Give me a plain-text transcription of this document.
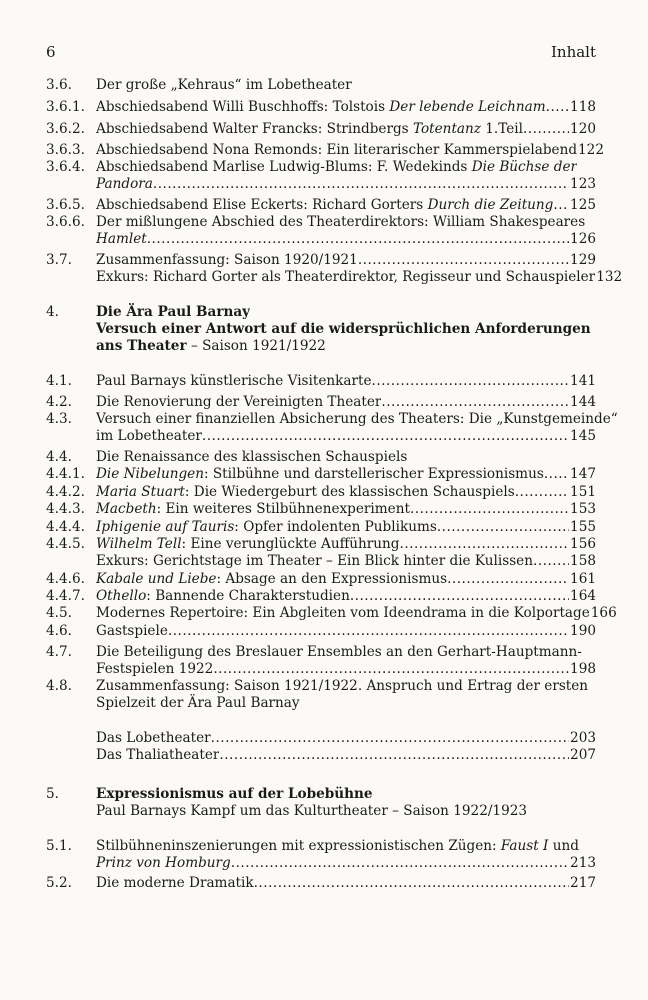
6	Inhalt
3.6.	Der große „Kehraus“ im Lobetheater
3.6.1. Abschiedsabend Willi Buschhoffs: Tolstois Der lebende Leichnam ..... 118
3.6.2. Abschiedsabend Walter Francks: Strindbergs Totentanz 1.Teil .....	120
3.6.3. Abschiedsabend Nona Remonds: Ein literarischer Kammerspielabend 122
3.6.4. Abschiedsabend Marlise Ludwig-Blums: F. Wedekinds Die Büchse der
Pandora .....	123
3.6.5. Abschiedsabend Elise Eckerts: Richard Gorters Durch die Zeitung ..... 125
3.6.6. Der mißlungene Abschied des Theaterdirektors: William Shakespeares
Hamlet .....	126
3.7.	Zusammenfassung: Saison 1920/1921 .....	129
Exkurs: Richard Gorter als Theaterdirektor, Regisseur und Schauspieler 132
4.	Die Ära Paul Barnay
Versuch einer Antwort auf die widersprüchlichen Anforderungen
ans Theater – Saison 1921/1922
4.1.	Paul Barnays künstlerische Visitenkarte .....	141
4.2.	Die Renovierung der Vereinigten Theater .....	144
4.3.	Versuch einer finanziellen Absicherung des Theaters: Die „Kunstgemeinde“
im Lobetheater .....	145
4.4.	Die Renaissance des klassischen Schauspiels
4.4.1. Die Nibelungen: Stilbühne und darstellerischer Expressionismus ..... 147
4.4.2. Maria Stuart: Die Wiedergeburt des klassischen Schauspiels .....	151
4.4.3. Macbeth: Ein weiteres Stilbühnenexperiment .....	153
4.4.4. Iphigenie auf Tauris: Opfer indolenten Publikums .....	155
4.4.5. Wilhelm Tell: Eine verunglückte Aufführung .....	156
Exkurs: Gerichtstage im Theater – Ein Blick hinter die Kulissen .....	158
4.4.6. Kabale und Liebe: Absage an den Expressionismus .....	161
4.4.7. Othello: Bannende Charakterstudien .....	164
4.5.	Modernes Repertoire: Ein Abgleiten vom Ideendrama in die Kolportage 166
4.6.	Gastspiele .....	190
4.7.	Die Beteiligung des Breslauer Ensembles an den Gerhart-Hauptmann-
Festspielen 1922 .....	198
4.8.	Zusammenfassung: Saison 1921/1922. Anspruch und Ertrag der ersten
Spielzeit der Ära Paul Barnay
Das Lobetheater .....	203
Das Thaliatheater .....	207
5.	Expressionismus auf der Lobebühne
Paul Barnays Kampf um das Kulturtheater – Saison 1922/1923
5.1.	Stilbühneninszenierungen mit expressionistischen Zügen: Faust I und
Prinz von Homburg .....	213
5.2.	Die moderne Dramatik .....	217
